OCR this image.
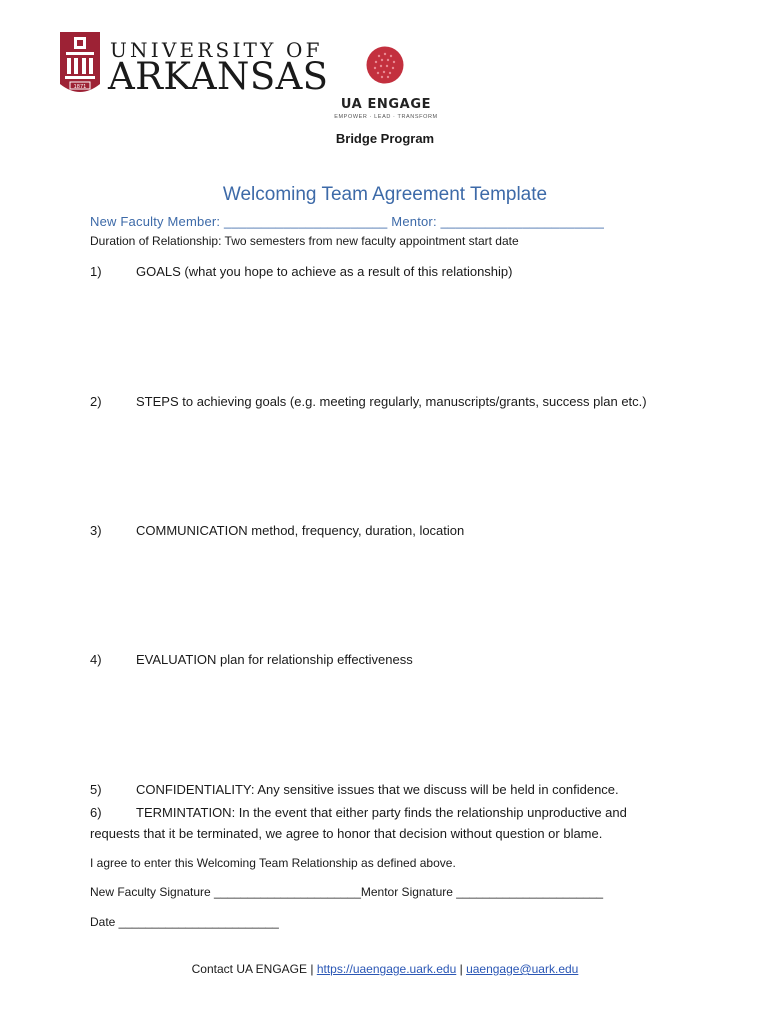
1871
UNIVERSITY OF
ARKANSAS
UA ENGAGE
EMPOWER · LEAD · TRANSFORM
Bridge Program
Welcoming Team Agreement Template
New Faculty Member: ______________________ Mentor: ______________________
Duration of Relationship: Two semesters from new faculty appointment start date
1)	GOALS (what you hope to achieve as a result of this relationship)
2)	STEPS to achieving goals (e.g. meeting regularly, manuscripts/grants, success plan etc.)
3)	COMMUNICATION method, frequency, duration, location
4)	EVALUATION plan for relationship effectiveness
5)	CONFIDENTIALITY: Any sensitive issues that we discuss will be held in confidence.
6)	TERMINTATION: In the event that either party finds the relationship unproductive and
requests that it be terminated, we agree to honor that decision without question or blame.
I agree to enter this Welcoming Team Relationship as defined above.
New Faculty Signature ______________________Mentor Signature ______________________
Date ________________________
Contact UA ENGAGE | https://uaengage.uark.edu | uaengage@uark.edu
